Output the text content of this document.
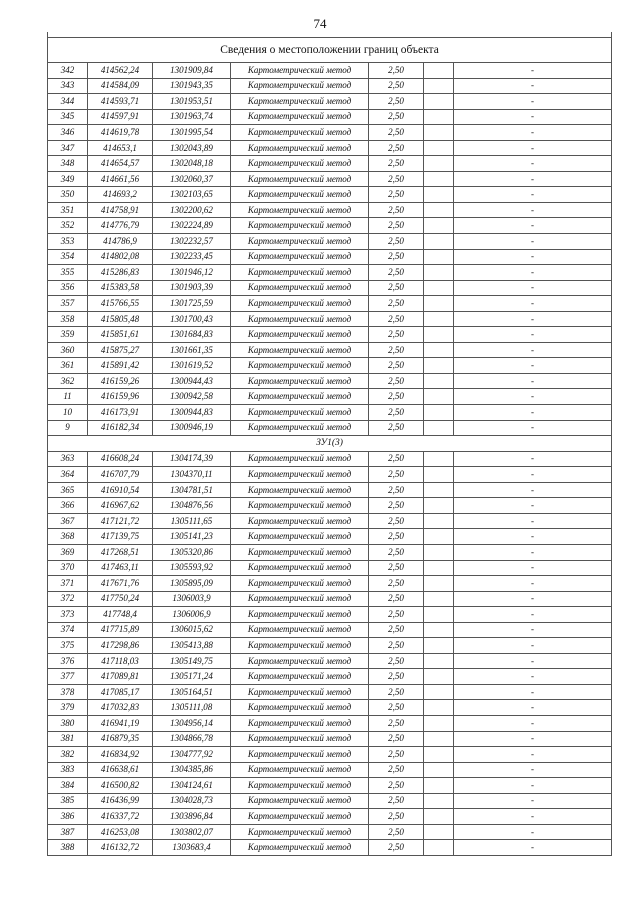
74

Сведения о местоположении границ объекта						
342	414562,24	1301909,84	Картометрический метод	2,50		-
343	414584,09	1301943,35	Картометрический метод	2,50		-
344	414593,71	1301953,51	Картометрический метод	2,50		-
345	414597,91	1301963,74	Картометрический метод	2,50		-
346	414619,78	1301995,54	Картометрический метод	2,50		-
347	414653,1	1302043,89	Картометрический метод	2,50		-
348	414654,57	1302048,18	Картометрический метод	2,50		-
349	414661,56	1302060,37	Картометрический метод	2,50		-
350	414693,2	1302103,65	Картометрический метод	2,50		-
351	414758,91	1302200,62	Картометрический метод	2,50		-
352	414776,79	1302224,89	Картометрический метод	2,50		-
353	414786,9	1302232,57	Картометрический метод	2,50		-
354	414802,08	1302233,45	Картометрический метод	2,50		-
355	415286,83	1301946,12	Картометрический метод	2,50		-
356	415383,58	1301903,39	Картометрический метод	2,50		-
357	415766,55	1301725,59	Картометрический метод	2,50		-
358	415805,48	1301700,43	Картометрический метод	2,50		-
359	415851,61	1301684,83	Картометрический метод	2,50		-
360	415875,27	1301661,35	Картометрический метод	2,50		-
361	415891,42	1301619,52	Картометрический метод	2,50		-
362	416159,26	1300944,43	Картометрический метод	2,50		-
11	416159,96	1300942,58	Картометрический метод	2,50		-
10	416173,91	1300944,83	Картометрический метод	2,50		-
9	416182,34	1300946,19	Картометрический метод	2,50		-
ЗУ1(3)						
363	416608,24	1304174,39	Картометрический метод	2,50		-
364	416707,79	1304370,11	Картометрический метод	2,50		-
365	416910,54	1304781,51	Картометрический метод	2,50		-
366	416967,62	1304876,56	Картометрический метод	2,50		-
367	417121,72	1305111,65	Картометрический метод	2,50		-
368	417139,75	1305141,23	Картометрический метод	2,50		-
369	417268,51	1305320,86	Картометрический метод	2,50		-
370	417463,11	1305593,92	Картометрический метод	2,50		-
371	417671,76	1305895,09	Картометрический метод	2,50		-
372	417750,24	1306003,9	Картометрический метод	2,50		-
373	417748,4	1306006,9	Картометрический метод	2,50		-
374	417715,89	1306015,62	Картометрический метод	2,50		-
375	417298,86	1305413,88	Картометрический метод	2,50		-
376	417118,03	1305149,75	Картометрический метод	2,50		-
377	417089,81	1305171,24	Картометрический метод	2,50		-
378	417085,17	1305164,51	Картометрический метод	2,50		-
379	417032,83	1305111,08	Картометрический метод	2,50		-
380	416941,19	1304956,14	Картометрический метод	2,50		-
381	416879,35	1304866,78	Картометрический метод	2,50		-
382	416834,92	1304777,92	Картометрический метод	2,50		-
383	416638,61	1304385,86	Картометрический метод	2,50		-
384	416500,82	1304124,61	Картометрический метод	2,50		-
385	416436,99	1304028,73	Картометрический метод	2,50		-
386	416337,72	1303896,84	Картометрический метод	2,50		-
387	416253,08	1303802,07	Картометрический метод	2,50		-
388	416132,72	1303683,4	Картометрический метод	2,50		-
